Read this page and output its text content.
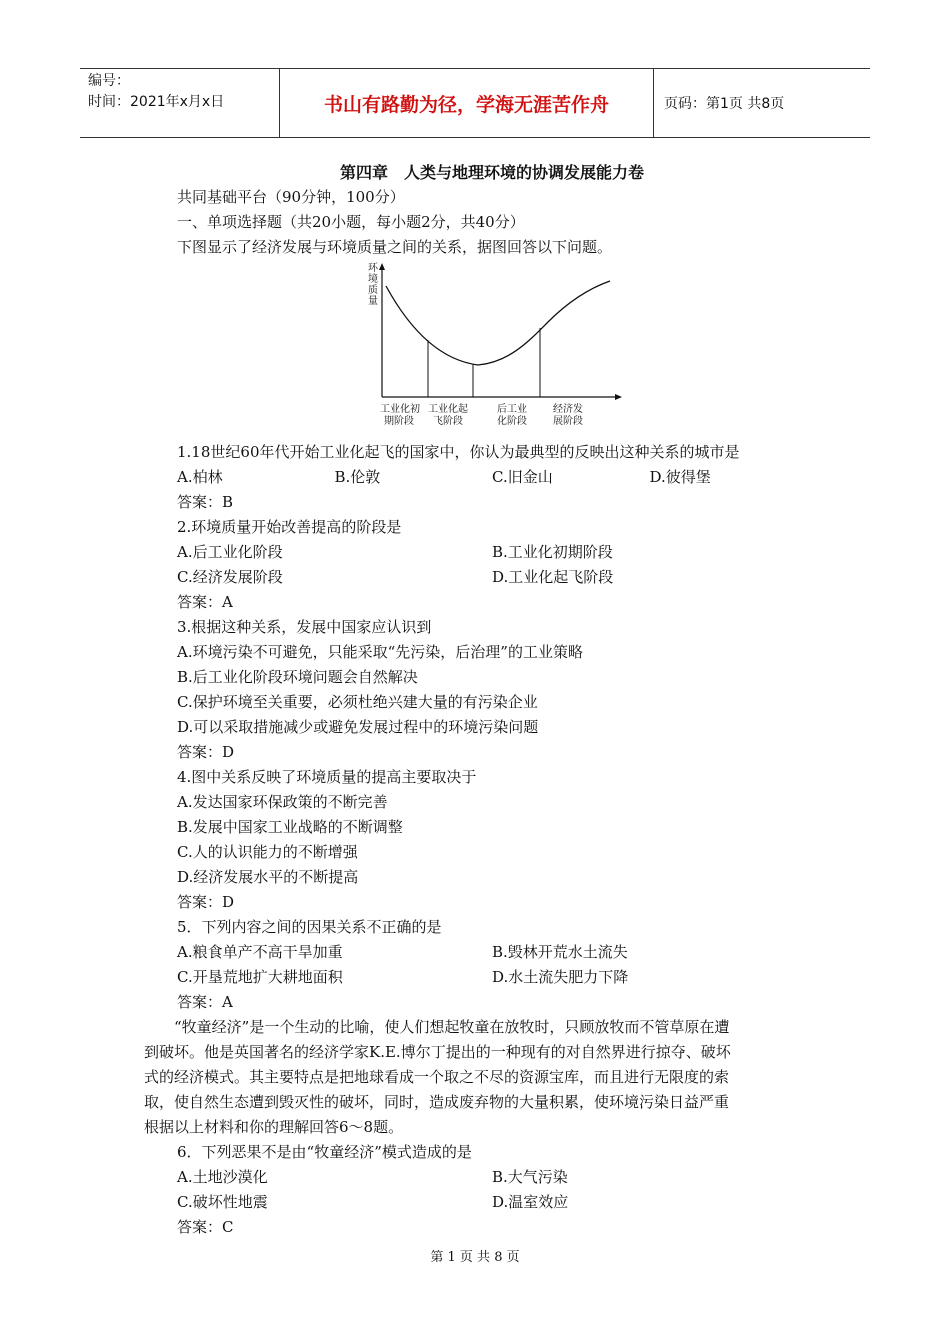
编号：
时间：2021年x月x日	书山有路勤为径，学海无涯苦作舟	页码：第1页 共8页
第四章　人类与地理环境的协调发展能力卷
共同基础平台（90分钟，100分）
一、单项选择题（共20小题，每小题2分，共40分）
下图显示了经济发展与环境质量之间的关系，据图回答以下问题。
环
境
质
量
工业化初
期阶段
工业化起
飞阶段
后工业
化阶段
经济发
展阶段
1.18世纪60年代开始工业化起飞的国家中，你认为最典型的反映出这种关系的城市是
A.柏林	B.伦敦	C.旧金山	D.彼得堡
答案：B
2.环境质量开始改善提高的阶段是
A.后工业化阶段	B.工业化初期阶段
C.经济发展阶段	D.工业化起飞阶段
答案：A
3.根据这种关系，发展中国家应认识到
A.环境污染不可避免，只能采取“先污染，后治理”的工业策略
B.后工业化阶段环境问题会自然解决
C.保护环境至关重要，必须杜绝兴建大量的有污染企业
D.可以采取措施减少或避免发展过程中的环境污染问题
答案：D
4.图中关系反映了环境质量的提高主要取决于
A.发达国家环保政策的不断完善
B.发展中国家工业战略的不断调整
C.人的认识能力的不断增强
D.经济发展水平的不断提高
答案：D
5．下列内容之间的因果关系不正确的是
A.粮食单产不高干旱加重	B.毁林开荒水土流失
C.开垦荒地扩大耕地面积	D.水土流失肥力下降
答案：A
　　“牧童经济”是一个生动的比喻，使人们想起牧童在放牧时，只顾放牧而不管草原在遭
到破坏。他是英国著名的经济学家K.E.博尔丁提出的一种现有的对自然界进行掠夺、破坏
式的经济模式。其主要特点是把地球看成一个取之不尽的资源宝库，而且进行无限度的索
取，使自然生态遭到毁灭性的破坏，同时，造成废弃物的大量积累，使环境污染日益严重
根据以上材料和你的理解回答6～8题。
6．下列恶果不是由“牧童经济”模式造成的是
A.土地沙漠化	B.大气污染
C.破坏性地震	D.温室效应
答案：C
第 1 页 共 8 页
